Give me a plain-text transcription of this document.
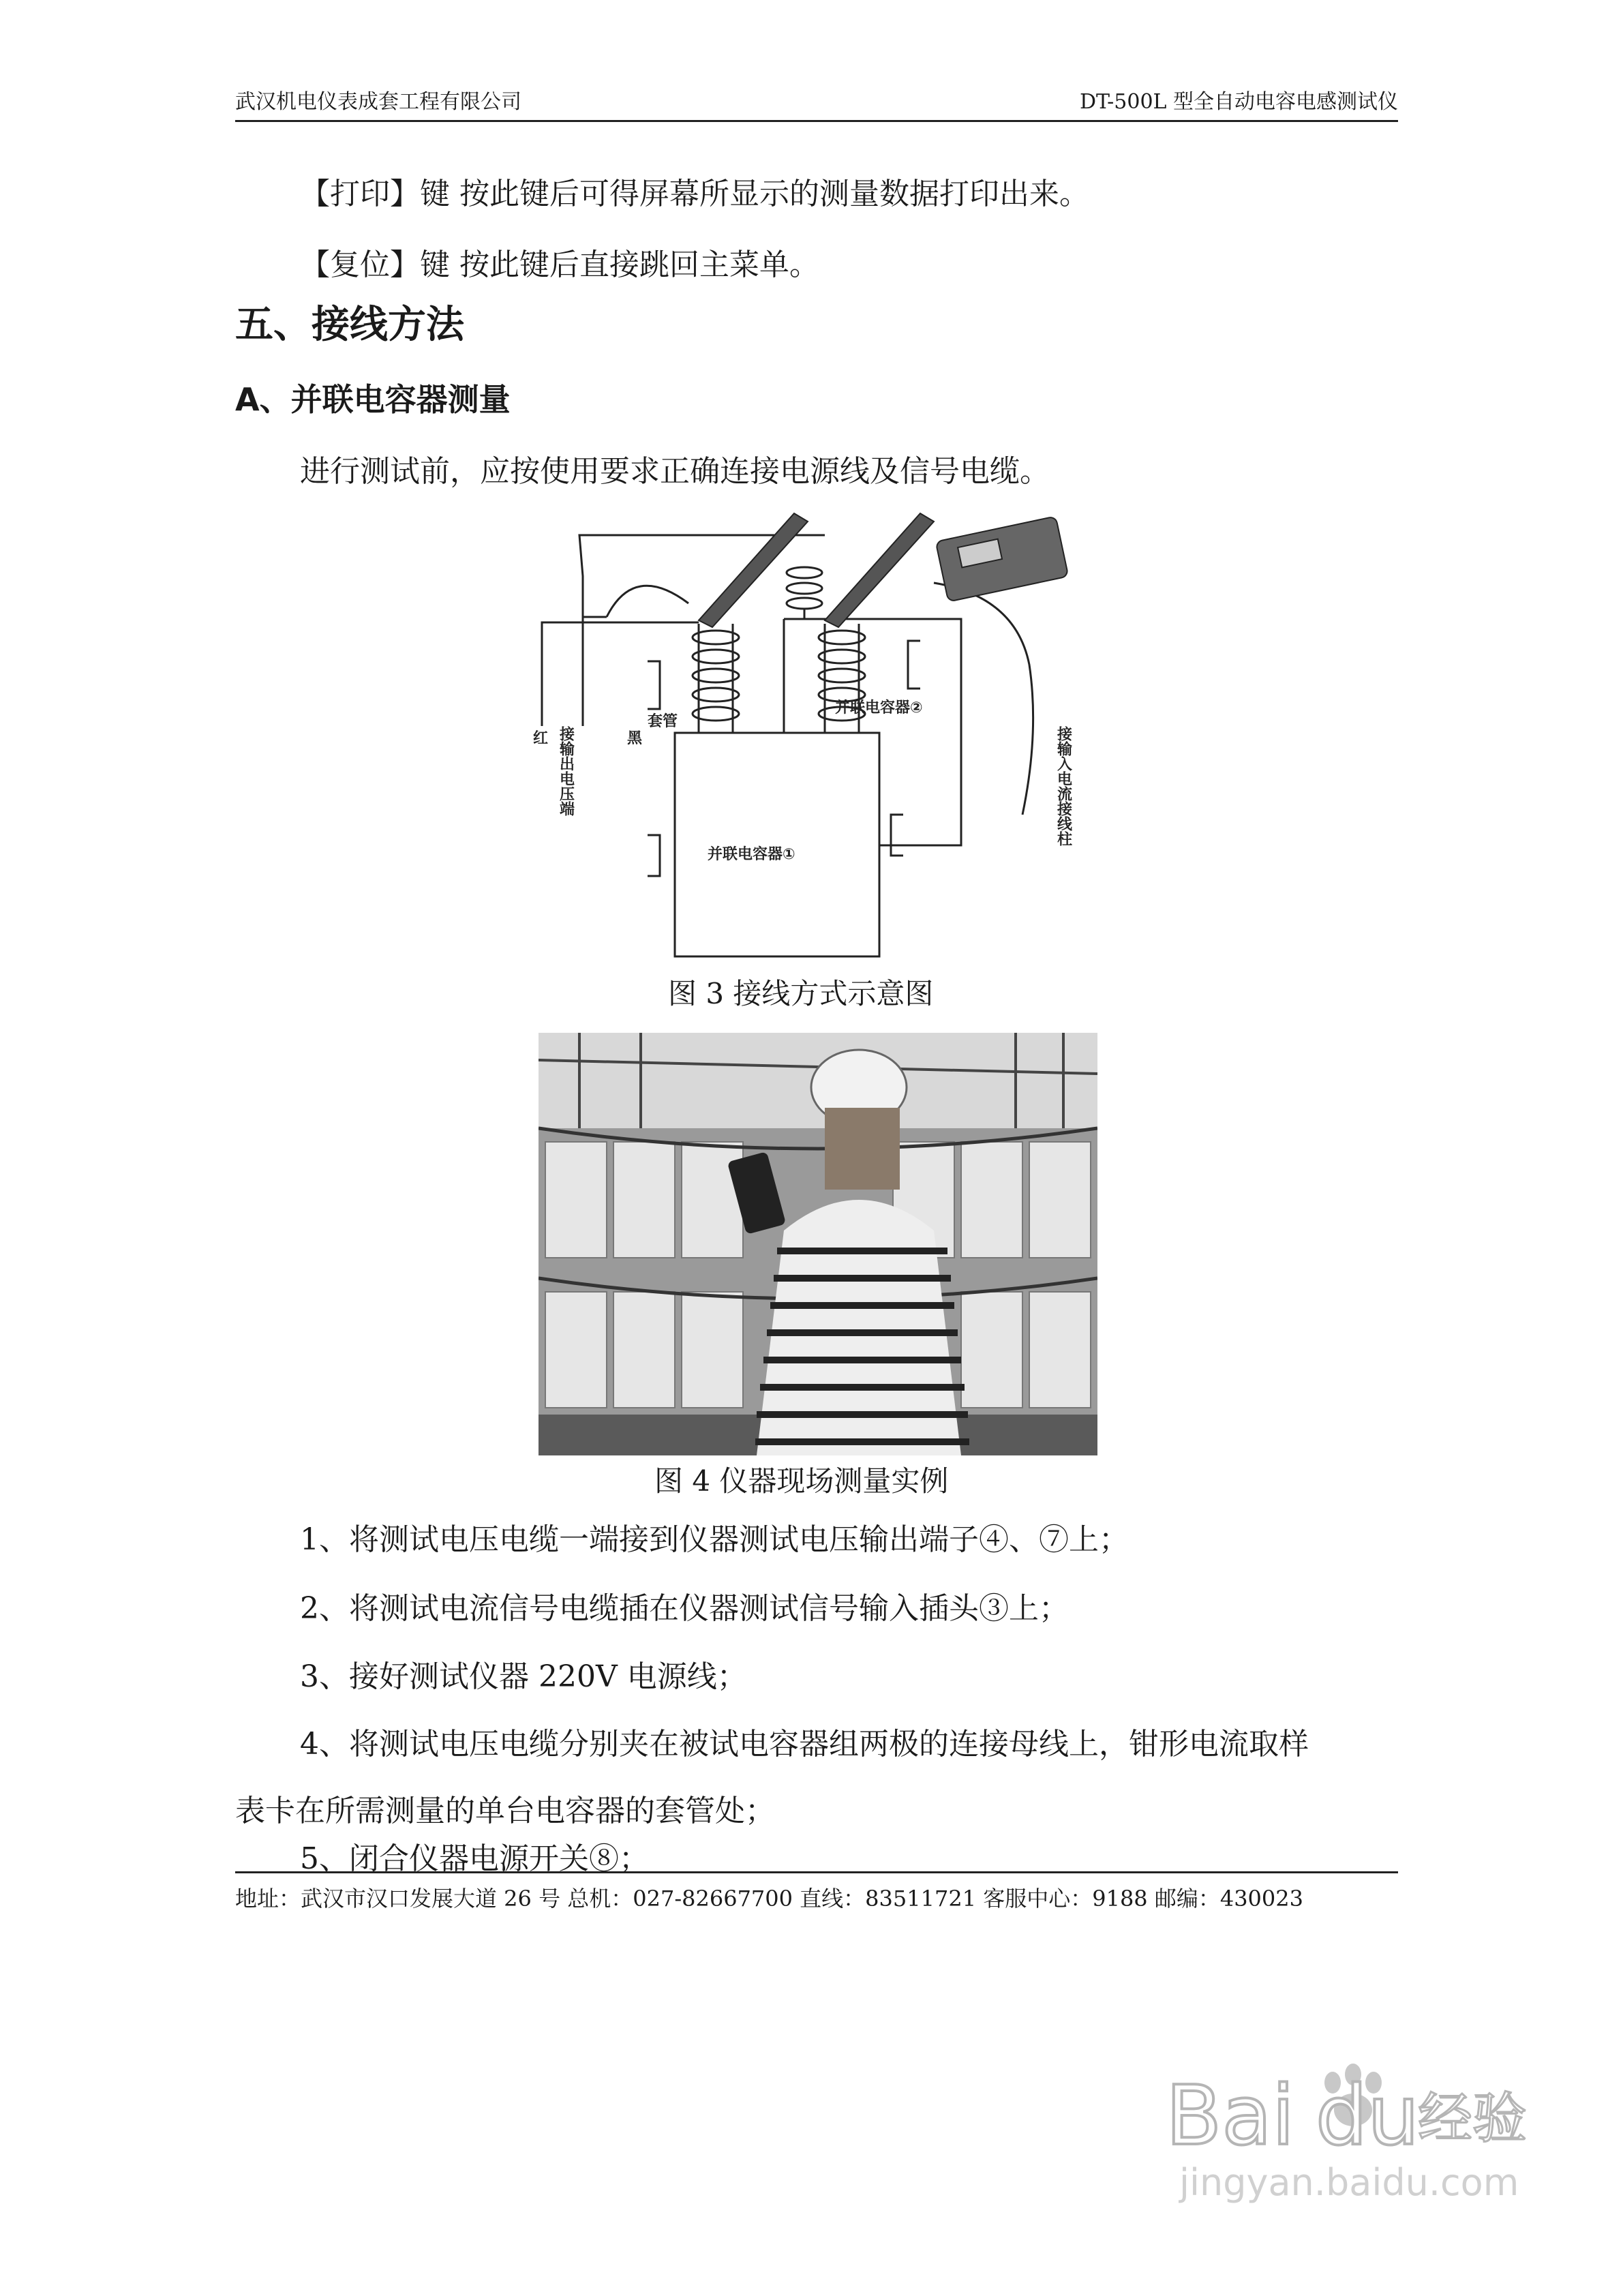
武汉机电仪表成套工程有限公司	DT-500L 型全自动电容电感测试仪
【打印】键 按此键后可得屏幕所显示的测量数据打印出来。
【复位】键 按此键后直接跳回主菜单。
五、接线方法
A、并联电容器测量
进行测试前，应按使用要求正确连接电源线及信号电缆。
红	黑
套管
并联电容器②
并联电容器①
接输出电压端	接输入电流接线柱
图 3 接线方式示意图
图 4 仪器现场测量实例
1、将测试电压电缆一端接到仪器测试电压输出端子④、⑦上；
2、将测试电流信号电缆插在仪器测试信号输入插头③上；
3、接好测试仪器 220V 电源线；
4、将测试电压电缆分别夹在被试电容器组两极的连接母线上，钳形电流取样
表卡在所需测量的单台电容器的套管处；
5、闭合仪器电源开关⑧；
地址：武汉市汉口发展大道 26 号 总机：027-82667700 直线：83511721 客服中心：9188 邮编：430023
Bai du
经验
jingyan.baidu.com
